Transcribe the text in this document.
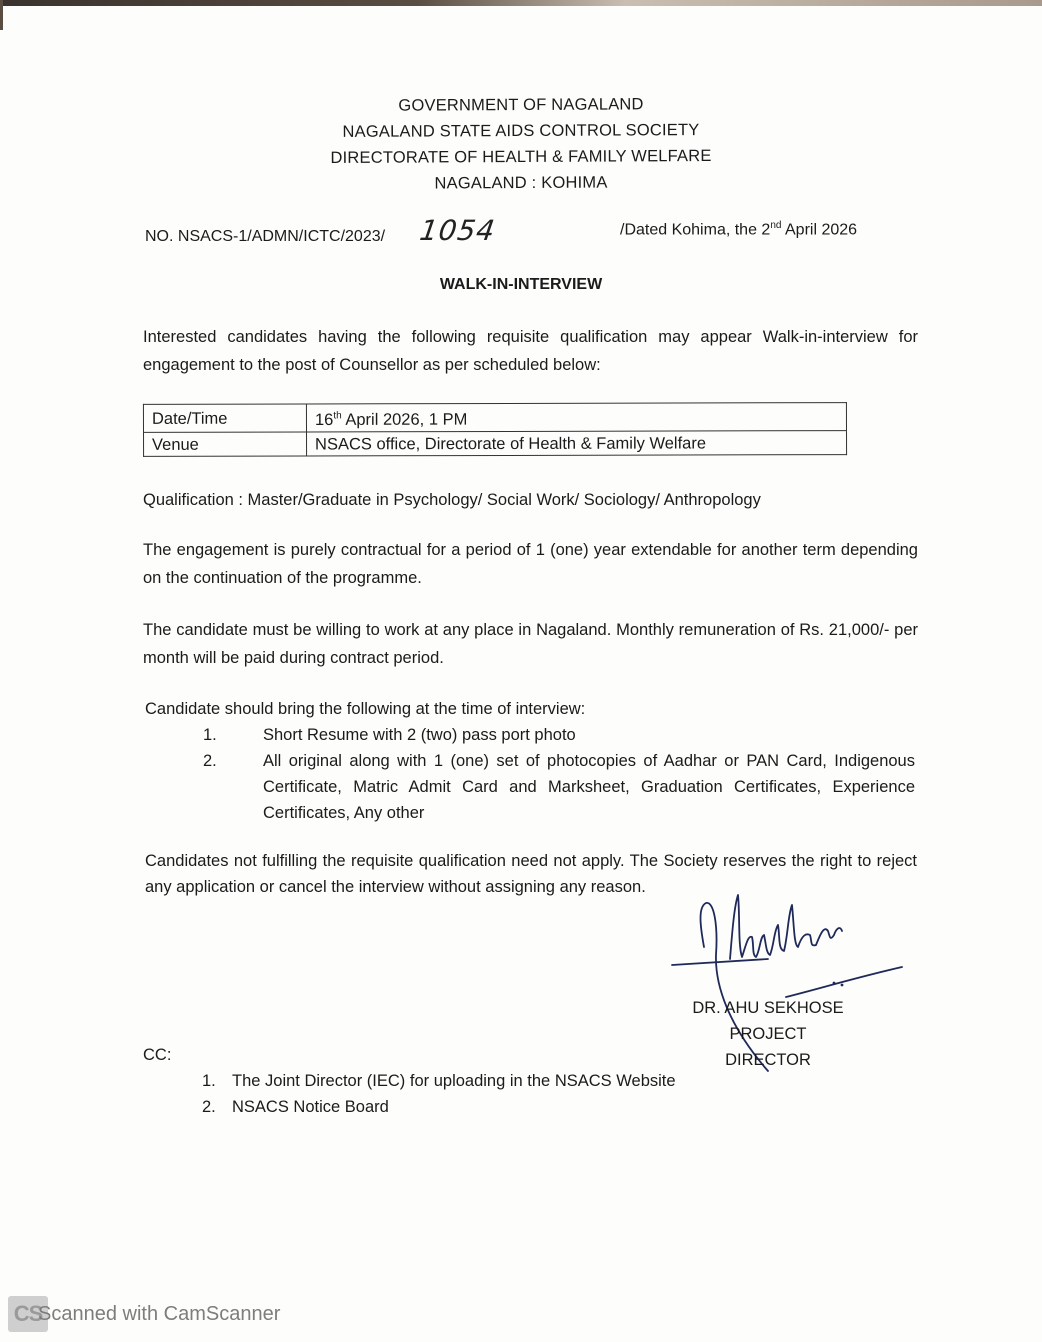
GOVERNMENT OF NAGALAND
NAGALAND STATE AIDS CONTROL SOCIETY
DIRECTORATE OF HEALTH & FAMILY WELFARE
NAGALAND : KOHIMA
NO. NSACS-1/ADMN/ICTC/2023/ 1054	/Dated Kohima, the 2nd April 2026
WALK-IN-INTERVIEW
Interested candidates having the following requisite qualification may appear Walk-in-interview for engagement to the post of Counsellor as per scheduled below:
Date/Time	16th April 2026, 1 PM
Venue	NSACS office, Directorate of Health & Family Welfare
Qualification : Master/Graduate in Psychology/ Social Work/ Sociology/ Anthropology
The engagement is purely contractual for a period of 1 (one) year extendable for another term depending on the continuation of the programme.
The candidate must be willing to work at any place in Nagaland. Monthly remuneration of Rs. 21,000/- per month will be paid during contract period.
Candidate should bring the following at the time of interview:
1.	Short Resume with 2 (two) pass port photo
2.	All original along with 1 (one) set of photocopies of Aadhar or PAN Card, Indigenous Certificate, Matric Admit Card and Marksheet, Graduation Certificates, Experience Certificates, Any other
Candidates not fulfilling the requisite qualification need not apply. The Society reserves the right to reject any application or cancel the interview without assigning any reason.
DR. AHU SEKHOSE
PROJECT DIRECTOR
CC:
1. The Joint Director (IEC) for uploading in the NSACS Website
2. NSACS Notice Board
CS
Scanned with CamScanner
